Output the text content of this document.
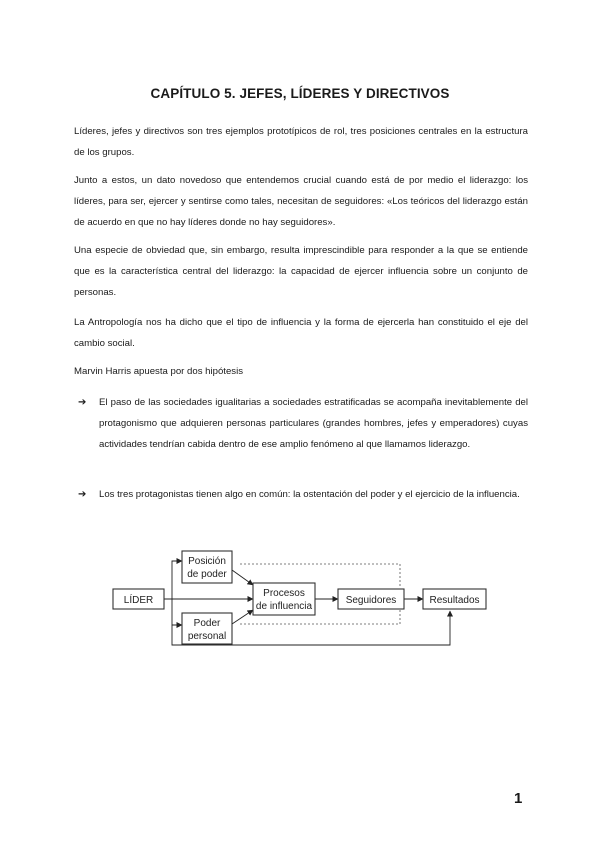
CAPÍTULO 5. JEFES, LÍDERES Y DIRECTIVOS

Líderes, jefes y directivos son tres ejemplos prototípicos de rol, tres posiciones centrales en la estructura de los grupos.

Junto a estos, un dato novedoso que entendemos crucial cuando está de por medio el liderazgo: los líderes, para ser, ejercer y sentirse como tales, necesitan de seguidores: «Los teóricos del liderazgo están de acuerdo en que no hay líderes donde no hay seguidores».

Una especie de obviedad que, sin embargo, resulta imprescindible para responder a la que se entiende que es la característica central del liderazgo: la capacidad de ejercer influencia sobre un conjunto de personas.

La Antropología nos ha dicho que el tipo de influencia y la forma de ejercerla han constituido el eje del cambio social.

Marvin Harris apuesta por dos hipótesis

➔	El paso de las sociedades igualitarias a sociedades estratificadas se acompaña inevitablemente del protagonismo que adquieren personas particulares (grandes hombres, jefes y emperadores) cuyas actividades tendrían cabida dentro de ese amplio fenómeno al que llamamos liderazgo.
➔	Los tres protagonistas tienen algo en común: la ostentación del poder y el ejercicio de la influencia.
LÍDER
Posición
de poder
Poder
personal
Procesos
de influencia
Seguidores	Resultados
1
